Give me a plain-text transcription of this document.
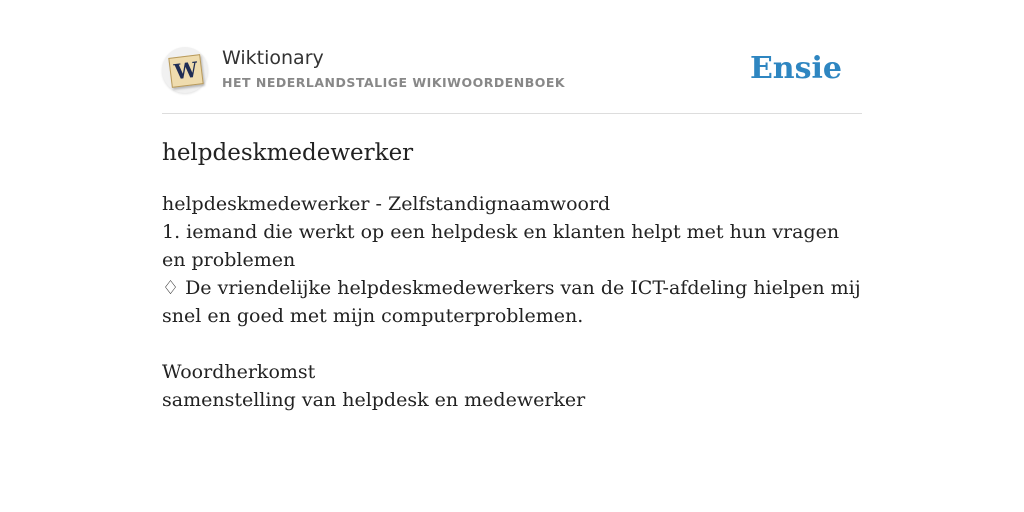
W Wiktionary
HET NEDERLANDSTALIGE WIKIWOORDENBOEK	Ensie
helpdeskmedewerker
helpdeskmedewerker - Zelfstandignaamwoord
1. iemand die werkt op een helpdesk en klanten helpt met hun vragen en problemen
♢ De vriendelijke helpdeskmedewerkers van de ICT-afdeling hielpen mij snel en goed met mijn computerproblemen.
Woordherkomst
samenstelling van helpdesk en medewerker
